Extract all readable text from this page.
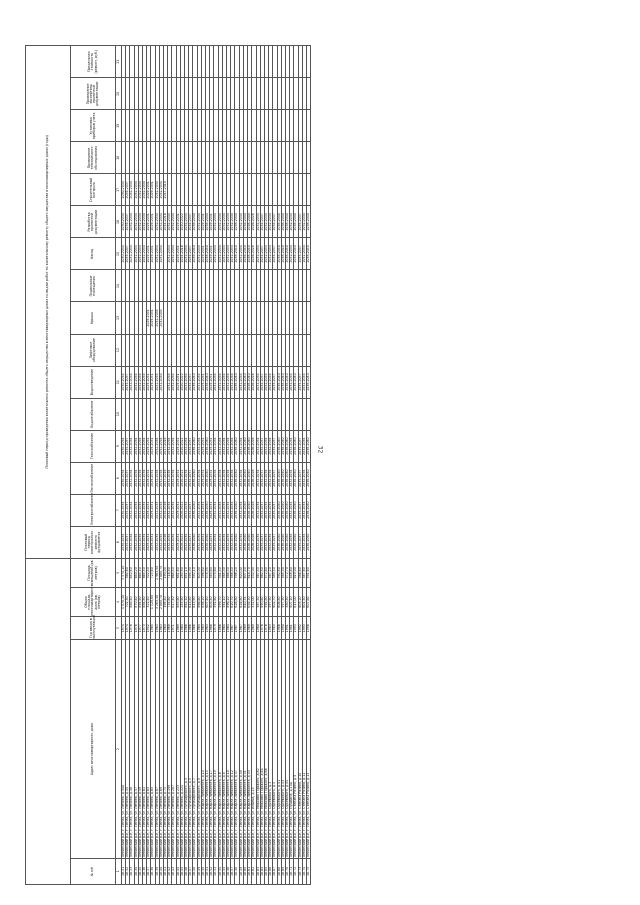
32
					Плановый период проведения капитального ремонта общего имущества в многоквартирных домах по видам работ по капитальному ремонту общего имущества в многоквартирных домах (годы)															
№ п/п	Адрес многоквартирного дома	Год ввода в эксплуатацию	Общая площадь многоквартирного дома (кв. метров)	Площадь помещений (кв. метров)	Плановый период капитального ремонта фундамента	Электроснабжение	Теплоснабжение	Газоснабжение	Водоснабжение	Водоотведение	Лифтовое оборудование	Крыша	Подвальные помещения	Фасад	Разработка проектной документации	Строительный контроль	Проведение технического обследования	Установка приборов учета	Проведение экспертизы проектной документации	Предельная стоимость (ремонт, руб.)
1	2	3	4	5	6	7	8	9	10	11	12	13	14	15	16	17	18	19	20	21
16.31	Ленинский р-н, г. Пенза, ул. Ленина, д.54а	1974	4 070,10	3 574,10	2030-2034	2030-2034	2030-2034	2030-2034		2030-2034				2030-2034	2030-2034	2030-2034				
16.32	Ленинский р-н, г. Пенза, ул. Ленина, д.55	1974	702,30	564,60	2035-2037	2035-2037	2035-2037	2035-2037		2035-2037				2035-2037	2035-2037	2035-2037				
16.33	Ленинский р-н, г. Пенза, ул. Ленина, д.56	1976	869,40	652,60	2032-2034	2032-2034	2032-2034	2032-2034		2032-2034				2032-2034	2032-2034	2032-2034				
16.34	Ленинский р-н, г. Пенза, ул. Ленина, д.57	1978	870,40	640,20	2032-2034	2032-2034	2032-2034	2032-2034		2032-2034				2032-2034	2032-2034	2032-2034				
16.35	Ленинский р-н, г. Пенза, ул. Ленина, д.59	1977	894,90	665,50	2032-2034	2032-2034	2032-2034	2032-2034		2032-2034				2032-2034	2032-2034	2032-2034				
16.36	Ленинский р-н, г. Пенза, ул. Ленина, д.61	1973	884,80	665,50	2032-2034	2032-2034	2032-2034	2032-2034		2032-2034				2032-2034	2032-2034	2032-2034				
16.37	Ленинский р-н, г. Пенза, ул. Ленина, д.63	1952	322,40	322,40	2029-2031	2029-2031	2029-2031	2029-2031		2029-2031		2029-2031		2029-2031	2029-2031	2029-2031				
16.38	Ленинский р-н, г. Пенза, ул. Ленина, д.65	1965	1 120,80	723,60	2029-2031	2029-2031	2029-2031	2029-2031		2029-2031		2029-2031		2029-2031	2029-2031	2029-2031				
16.39	Ленинский р-н, г. Пенза, ул. Ленина, д.67	1963	3 263,30	2 963,50	2032-2034	2032-2034	2032-2034	2032-2034		2032-2034		2032-2034		2032-2034	2032-2034	2032-2034				
16.40	Ленинский р-н, г. Пенза, ул. Ленина, д.69	1963	2 880,70	2 880,70	2032-2034	2032-2034	2032-2034	2032-2034		2032-2034		2032-2034		2032-2034	2032-2034	2032-2034				
16.41	Ленинский р-н, г. Пенза, ул. Ленина, д.71	1960	198,40	190,00	2014-2016	2014-2016	2017-2019	2017-2019							2014-2016	2017-2019				
16.42	Ленинский р-н, г. Пенза, ул. Ленина, д.199	1969	735,60	716,80	2032-2034	2032-2034	2032-2034	2032-2034		2032-2034				2032-2034	2032-2034					
16.43	Ленинский р-н, г. Пенза, ул. Ленина, д.207	1971	817,40	668,40	2032-2034	2032-2034	2032-2034	2032-2034		2032-2034				2032-2034	2032-2034					
16.44	Ленинский р-н, г. Пенза, ул. Ленина, д.213	1969	883,60	681,60	2029-2031	2029-2031	2029-2031	2029-2031		2029-2031				2029-2031	2029-2031					
16.45	Ленинский р-н, г. Пенза, ул. Ленина, д.221	1964	283,90	283,90	2020-2022	2020-2022	2020-2022	2020-2022		2020-2022				2014-2016	2020-2022					
16.46	Ленинский р-н, г. Пенза, ул. Луначарского, д.3	1966	862,10	651,10	2032-2034	2032-2034	2032-2034	2032-2034		2032-2034				2032-2034	2032-2034					
16.47	Ленинский р-н, г. Пенза, ул. Луначарского, д.5	1966	615,80	594,30	2035-2037	2035-2037	2035-2037	2035-2037		2035-2037				2035-2037	2035-2037					
16.48	Ленинский р-н, г. Пенза, ул. Луначарского, д.7	1968	613,90	592,10	2038-2040	2038-2040	2038-2040	2038-2040		2038-2040				2038-2040	2038-2040					
16.49	Ленинский р-н, г. Пенза, ул. Луначарского, д.9	1964	866,60	603,00	2032-2034	2032-2034	2032-2034	2032-2034		2032-2034				2032-2034	2032-2034					
16.50	Ленинский р-н, г. Пенза, ул. Карла Либкнехта, д.14	1963	636,20	596,80	2029-2031	2029-2031	2029-2031	2029-2031		2029-2031				2029-2031	2029-2031					
16.51	Ленинский р-н, г. Пенза, ул. Карла Либкнехта, д.15	1963	607,40	578,35	2038-2040	2038-2040	2038-2040	2038-2040		2038-2040				2038-2040	2038-2040					
16.52	Ленинский р-н, г. Пенза, ул. Карла Либкнехта, д.17	1966	603,40	583,60	2029-2031	2029-2031	2029-2031	2029-2031		2029-2031				2029-2031	2029-2031					
16.53	Ленинский р-н, г. Пенза, ул. Карла Либкнехта, д.19	1979	591,60	575,60	2032-2034	2032-2034	2032-2034	2032-2034		2032-2034				2032-2034	2032-2034					
16.54	Ленинский р-н, г. Пенза, ул. Карла Либкнехта, д.6	1966	599,70	581,40	2032-2034	2032-2034	2032-2034	2032-2034		2032-2034				2032-2034	2032-2034					
16.55	Ленинский р-н, г. Пенза, ул. Карла Либкнехта, д.8	1964	581,10	565,30	2032-2034	2032-2034	2032-2034	2032-2034		2032-2034				2032-2034	2032-2034					
16.56	Ленинский р-н, г. Пенза, ул. Карла Либкнехта, д.10	1964	896,20	866,50	2032-2034	2032-2034	2032-2034	2032-2034		2032-2034				2032-2034	2032-2034					
16.57	Ленинский р-н, г. Пенза, ул. Карла Либкнехта, д.12	1967	620,70	588,40	2032-2034	2032-2034	2032-2034	2032-2034		2032-2034				2032-2034	2032-2034					
16.58	Ленинский р-н, г. Пенза, ул. Карла Либкнехта, д.47	1967	626,80	596,20	2038-2040	2038-2040	2038-2040	2038-2040		2038-2040				2038-2040	2038-2040					
16.59	Ленинский р-н, г. Пенза, ул. Карла Либкнехта, д.49	1967	626,80	620,00	2032-2034	2032-2034	2032-2034	2032-2034		2032-2034				2032-2034	2032-2034					
16.60	Ленинский р-н, г. Пенза, ул. Карла Либкнехта, д.51	1969	640,35	607,40	2038-2040	2038-2040	2038-2040	2038-2040		2038-2040				2038-2040	2038-2040					
16.61	Ленинский р-н, г. Пенза, ул. Карла Либкнехта, д.53	1969	639,30	618,70	2038-2040	2038-2040	2038-2040	2038-2040		2038-2040				2038-2040	2038-2040					
16.62	Ленинский р-н, г. Пенза, ул. Ильича, д.15	1960	532,00	532,00	2026-2028	2026-2028	2026-2028	2026-2028		2026-2028				2026-2028	2026-2028					
16.63	Ленинский р-н, г. Пенза, ул. Максима Горького, д.62	1960	567,50	567,50	2032-2034	2032-2034	2032-2034	2032-2034		2032-2034				2032-2034	2032-2034					
16.64	Ленинский р-н, г. Пенза, ул. Максима Горького, д.64	1976	890,60	862,50	2035-2037	2035-2037	2035-2037	2035-2037		2035-2037				2035-2037	2035-2037					
16.65	Ленинский р-н, г. Пенза, ул. Максима Горького, д.66	1976	594,80	572,80	2032-2034	2032-2034	2032-2034	2032-2034		2032-2034				2032-2034	2032-2034					
16.66	Ленинский р-н, г. Пенза, ул. Одоевского, д.3	1983	597,90	587,20	2032-2034	2032-2034	2032-2034	2032-2034		2032-2034				2032-2034	2032-2034					
16.67	Ленинский р-н, г. Пенза, ул. Одоевского, д.5	1983	602,70	589,50	2035-2037	2035-2037	2035-2037	2035-2037		2035-2037				2035-2037	2035-2037					
16.68	Ленинский р-н, г. Пенза, ул. Одоевского, д.41	1986	606,80	592,80	2038-2040	2038-2040	2038-2040	2038-2040		2038-2040				2038-2040	2038-2040					
16.69	Ленинский р-н, г. Пенза, ул. Одоевского, д.43	1990	597,90	585,30	2038-2040	2038-2040	2038-2040	2038-2040		2038-2040				2038-2040	2038-2040					
16.70	Ленинский р-н, г. Пенза, ул. Одоевского, д.45	1991	580,50	572,70	2038-2040	2038-2040	2038-2040	2038-2040		2038-2040				2038-2040	2038-2040					
16.71	Ленинский р-н, г. Пенза, ул. Пушкина, д.15А	1981	807,10	858,60	2032-2034	2032-2034	2032-2034	2032-2034		2032-2034				2032-2034	2032-2034					
16.72	Ленинский р-н, г. Пенза, ул. Степана Разина, д.9	1993	615,00	619,00	2038-2040	2038-2040	2038-2040	2038-2040		2038-2040				2038-2040	2038-2040					
16.73	Ленинский р-н, г. Пенза, ул. Степана Разина, д.10	1992	603,20	586,80	2035-2037	2035-2037	2035-2037	2035-2037		2035-2037				2035-2037	2035-2037					
16.74	Ленинский р-н, г. Пенза, ул. Степана Разина, д.11	1993	601,50	587,60	2032-2034	2032-2034	2032-2034	2032-2034		2032-2034				2032-2034	2032-2034					
16.75	Ленинский р-н, г. Пенза, ул. Степана Разина, д.13	1996	607,60	591,60	2038-2040	2038-2040	2038-2040	2038-2040		2038-2040				2038-2040	2038-2040					
